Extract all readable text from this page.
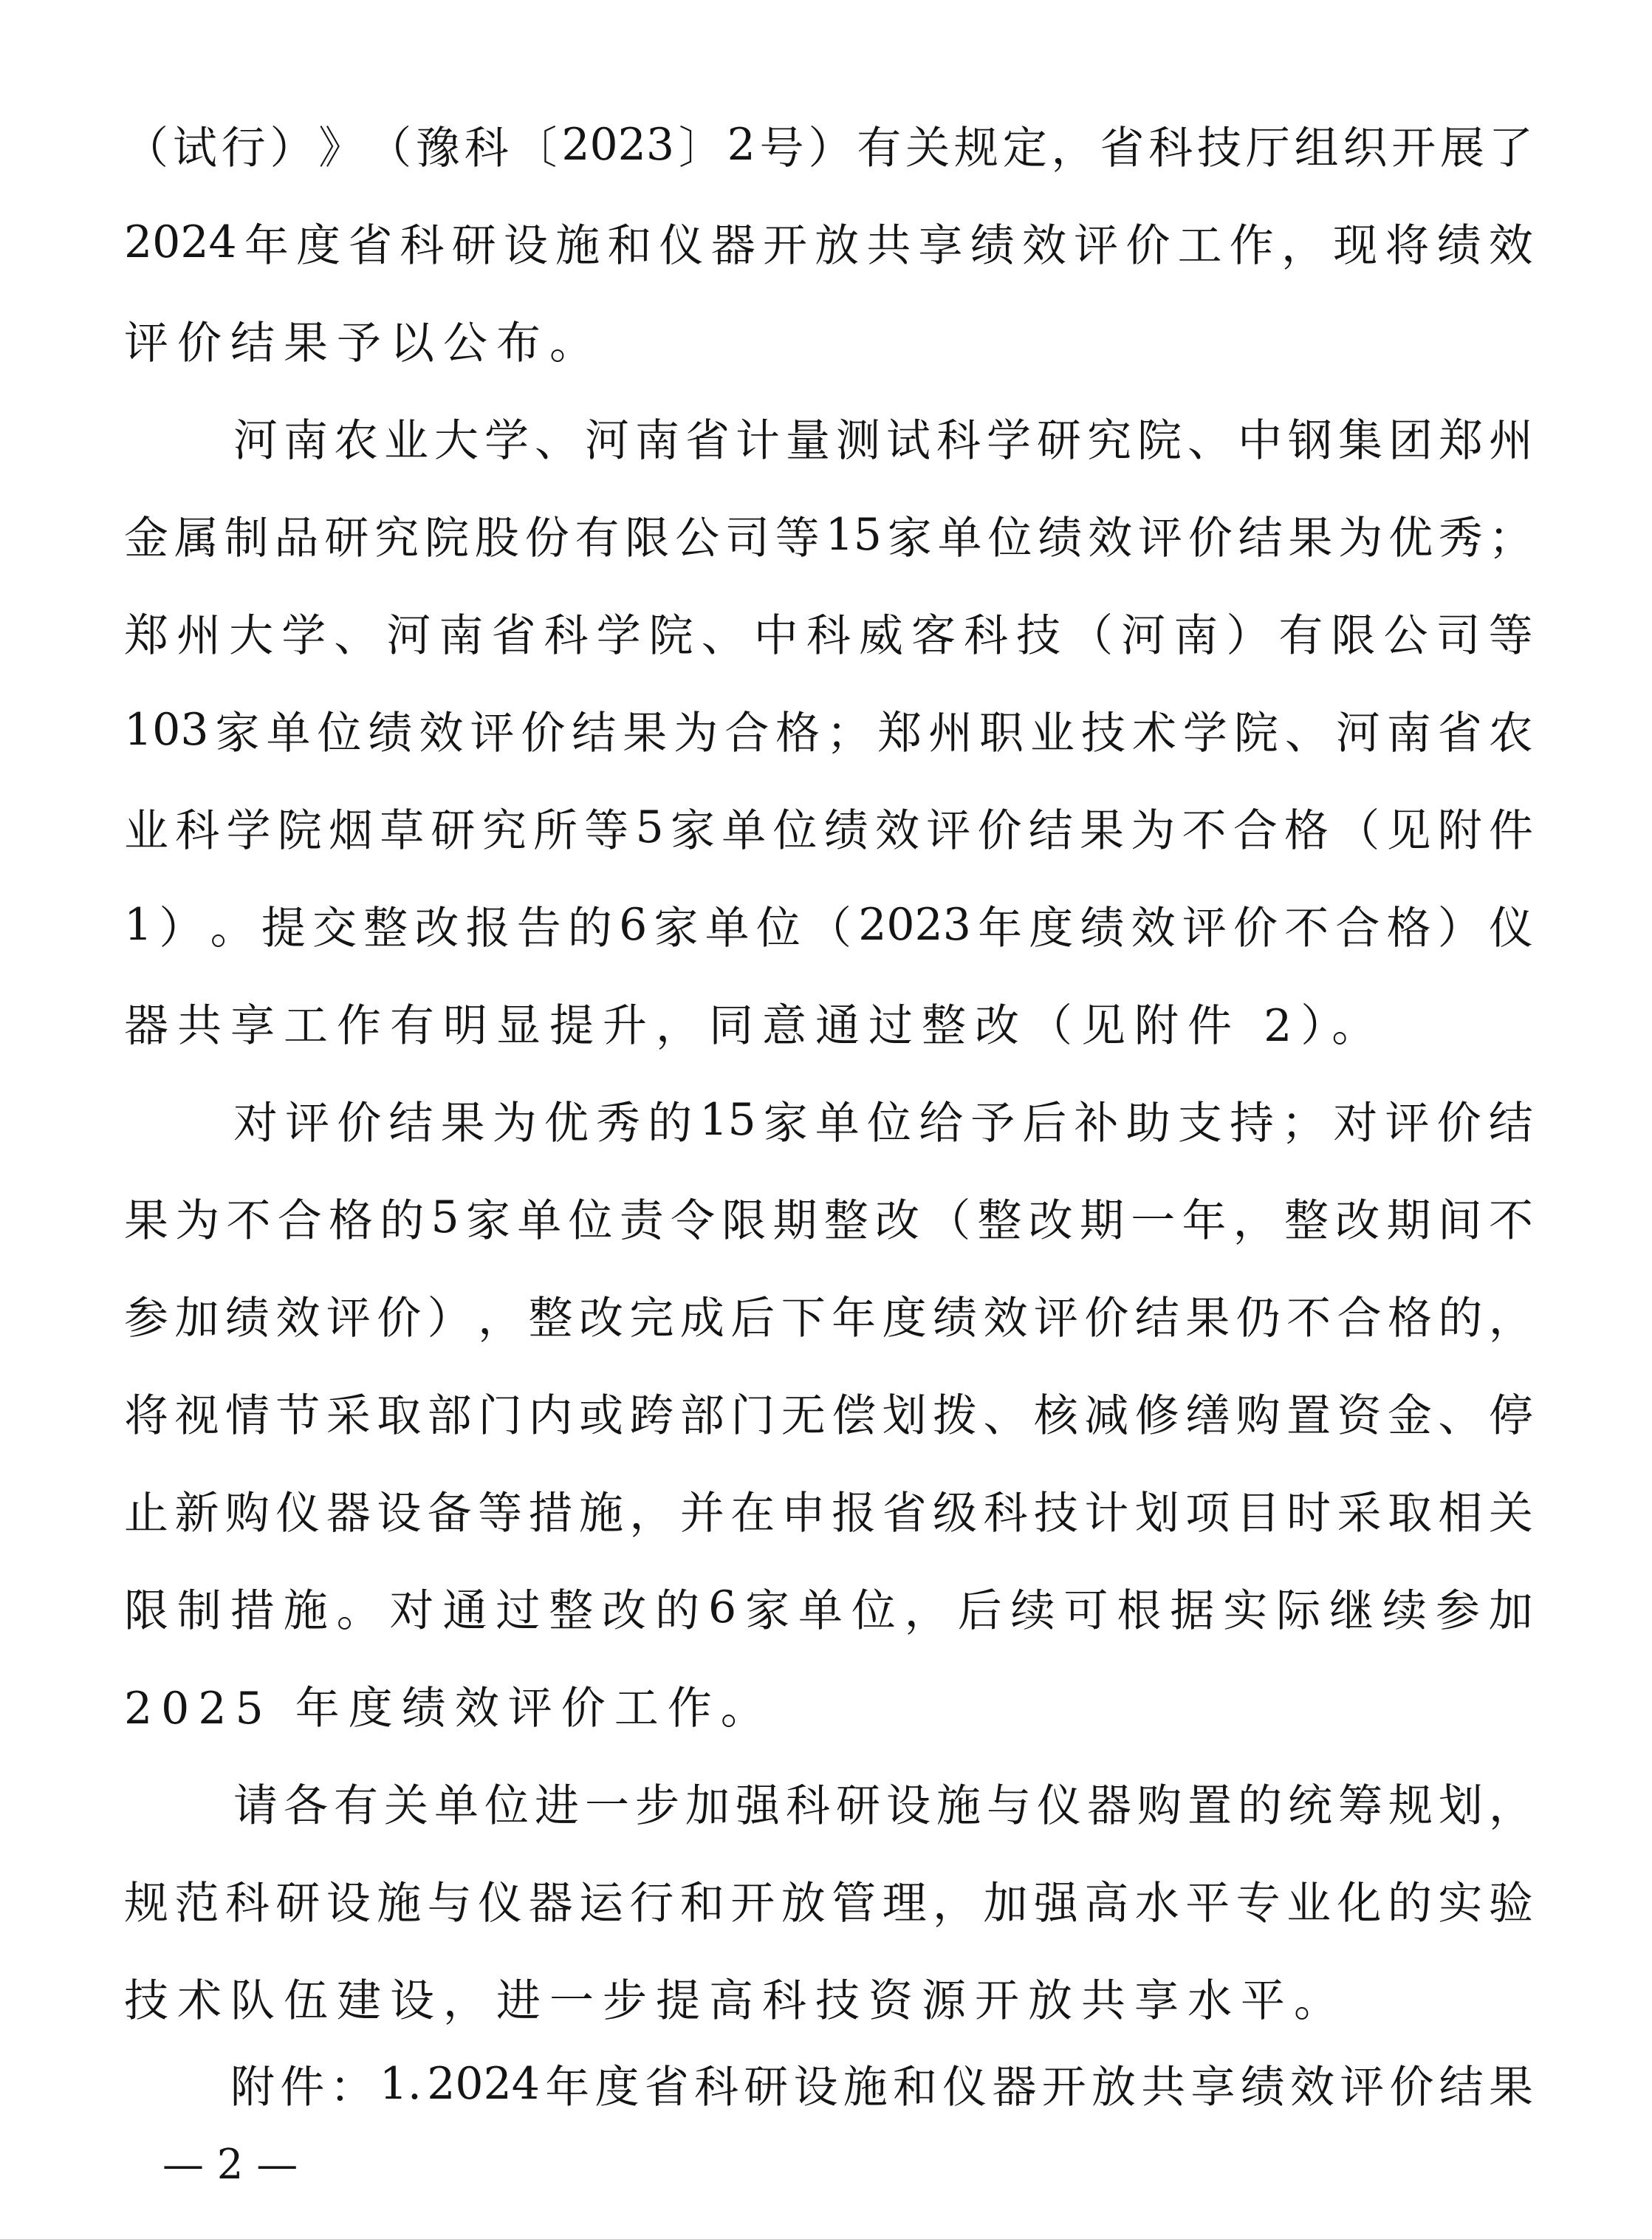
（ 试 行 ） 》 （ 豫 科 〔 2023 〕 2 号 ） 有 关 规 定 ， 省 科 技 厅 组 织 开 展 了
2024 年 度 省 科 研 设 施 和 仪 器 开 放 共 享 绩 效 评 价 工 作 ， 现 将 绩 效
评价结果予以公布。
河 南 农 业 大 学 、 河 南 省 计 量 测 试 科 学 研 究 院 、 中 钢 集 团 郑 州
金 属 制 品 研 究 院 股 份 有 限 公 司 等 15 家 单 位 绩 效 评 价 结 果 为 优 秀 ；
郑 州 大 学 、 河 南 省 科 学 院 、 中 科 威 客 科 技 （ 河 南 ） 有 限 公 司 等
103 家 单 位 绩 效 评 价 结 果 为 合 格 ； 郑 州 职 业 技 术 学 院 、 河 南 省 农
业 科 学 院 烟 草 研 究 所 等 5 家 单 位 绩 效 评 价 结 果 为 不 合 格 （ 见 附 件
1 ） 。 提 交 整 改 报 告 的 6 家 单 位 （ 2023 年 度 绩 效 评 价 不 合 格 ） 仪
器共享工作有明显提升，同意通过整改（见附件 2）。
对 评 价 结 果 为 优 秀 的 15 家 单 位 给 予 后 补 助 支 持 ； 对 评 价 结
果 为 不 合 格 的 5 家 单 位 责 令 限 期 整 改 （ 整 改 期 一 年 ， 整 改 期 间 不
参 加 绩 效 评 价 ） ， 整 改 完 成 后 下 年 度 绩 效 评 价 结 果 仍 不 合 格 的 ，
将 视 情 节 采 取 部 门 内 或 跨 部 门 无 偿 划 拨 、 核 减 修 缮 购 置 资 金 、 停
止 新 购 仪 器 设 备 等 措 施 ， 并 在 申 报 省 级 科 技 计 划 项 目 时 采 取 相 关
限 制 措 施 。 对 通 过 整 改 的 6 家 单 位 ， 后 续 可 根 据 实 际 继 续 参 加
2025 年度绩效评价工作。
请 各 有 关 单 位 进 一 步 加 强 科 研 设 施 与 仪 器 购 置 的 统 筹 规 划 ，
规 范 科 研 设 施 与 仪 器 运 行 和 开 放 管 理 ， 加 强 高 水 平 专 业 化 的 实 验
技术队伍建设，进一步提高科技资源开放共享水平。
附 件 ： 1. 2024 年 度 省 科 研 设 施 和 仪 器 开 放 共 享 绩 效 评 价 结 果
— 2 —
